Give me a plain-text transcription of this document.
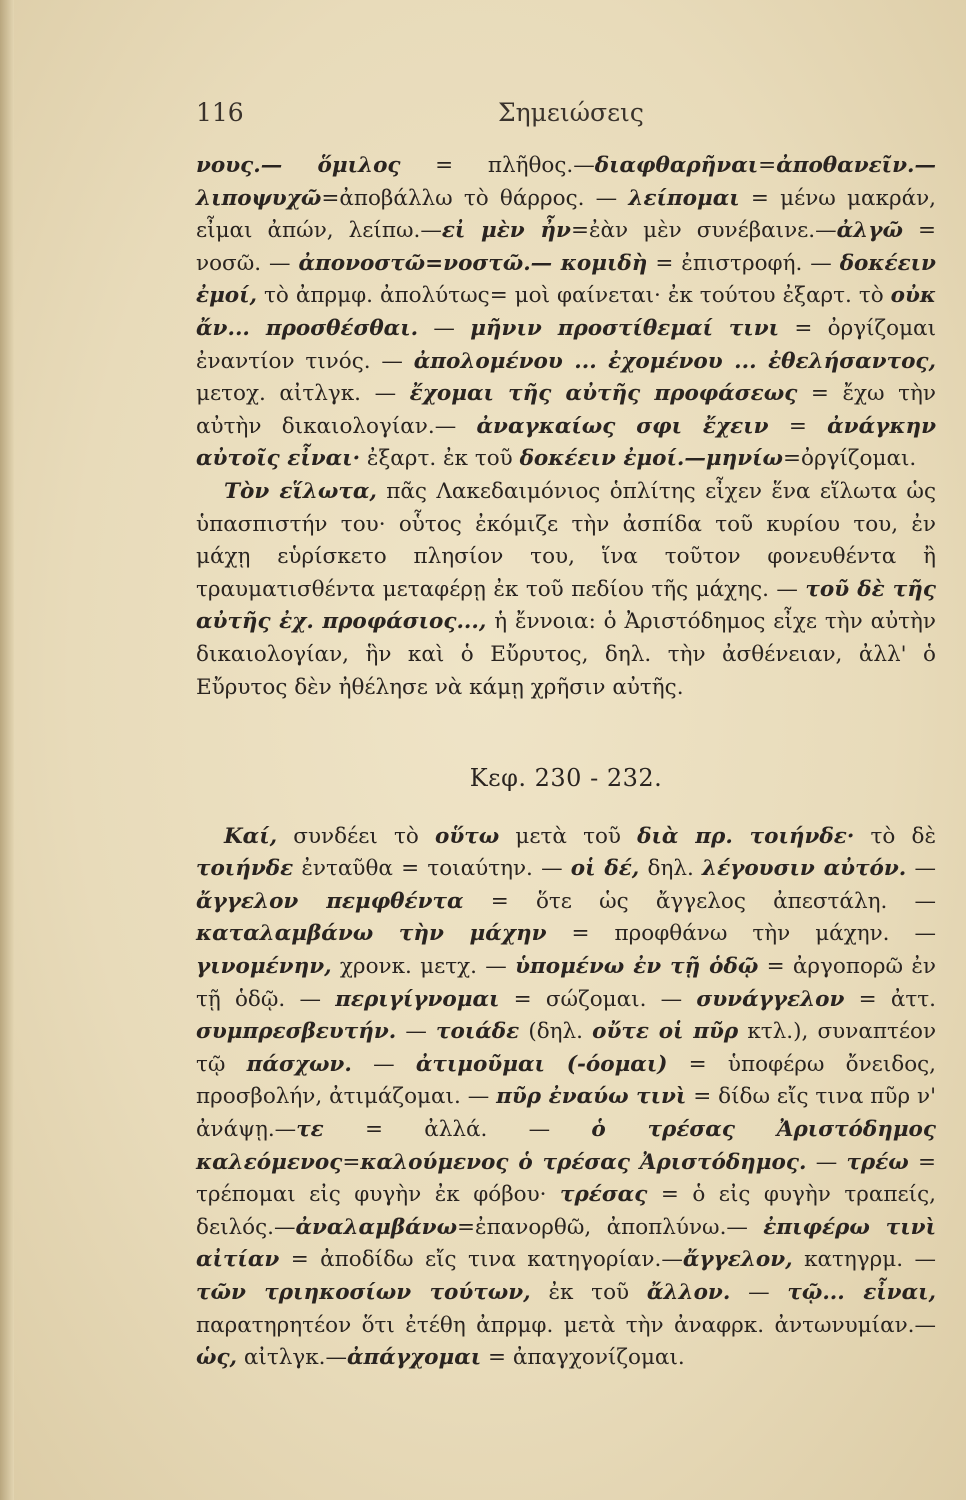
116	Σημειώσεις

νους.— ὅμιλος = πλῆθος.—διαφθαρῆναι=ἀποθανεῖν.— λιποψυχῶ=ἀποβάλλω τὸ θάρρος. — λείπομαι = μένω μακράν, εἶμαι ἀπών, λείπω.—εἰ μὲν ἦν=ἐὰν μὲν συνέβαινε.—ἀλγῶ = νοσῶ. — ἀπονοστῶ=νοστῶ.— κομιδὴ = ἐπιστροφή. — δοκέειν ἐμοί, τὸ ἀπρμφ. ἀπολύτως= μοὶ φαίνεται· ἐκ τούτου ἐξαρτ. τὸ οὐκ ἄν... προσθέσθαι. — μῆνιν προστίθεμαί τινι = ὀργίζομαι ἐναντίον τινός. — ἀπολομένου ... ἐχομένου ... ἐθελήσαντος, μετοχ. αἰτλγκ. — ἔχομαι τῆς αὐτῆς προφάσεως = ἔχω τὴν αὐτὴν δικαιολογίαν.— ἀναγκαίως σφι ἔχειν = ἀνάγκην αὐτοῖς εἶναι· ἐξαρτ. ἐκ τοῦ δοκέειν ἐμοί.—μηνίω=ὀργίζομαι.

Τὸν εἵλωτα, πᾶς Λακεδαιμόνιος ὁπλίτης εἶχεν ἕνα εἵλωτα ὡς ὑπασπιστήν του· οὗτος ἐκόμιζε τὴν ἀσπίδα τοῦ κυρίου του, ἐν μάχῃ εὑρίσκετο πλησίον του, ἵνα τοῦτον φονευθέντα ἢ τραυματισθέντα μεταφέρῃ ἐκ τοῦ πεδίου τῆς μάχης. — τοῦ δὲ τῆς αὐτῆς ἐχ. προφάσιος..., ἡ ἔννοια: ὁ Ἀριστόδημος εἶχε τὴν αὐτὴν δικαιολογίαν, ἣν καὶ ὁ Εὔρυτος, δηλ. τὴν ἀσθένειαν, ἀλλ' ὁ Εὔρυτος δὲν ἠθέλησε νὰ κάμῃ χρῆσιν αὐτῆς.

Κεφ. 230 - 232.

Καί, συνδέει τὸ οὕτω μετὰ τοῦ διὰ πρ. τοιήνδε· τὸ δὲ τοιήνδε ἐνταῦθα = τοιαύτην. — οἱ δέ, δηλ. λέγουσιν αὐτόν. — ἄγγελον πεμφθέντα = ὅτε ὡς ἄγγελος ἀπεστάλη. — καταλαμβάνω τὴν μάχην = προφθάνω τὴν μάχην. — γινομένην, χρονκ. μετχ. — ὑπομένω ἐν τῇ ὁδῷ = ἀργοπορῶ ἐν τῇ ὁδῷ. — περιγίγνομαι = σώζομαι. — συνάγγελον = ἀττ. συμπρεσβευτήν. — τοιάδε (δηλ. οὔτε οἱ πῦρ κτλ.), συναπτέον τῷ πάσχων. — ἀτιμοῦμαι (-όομαι) = ὑποφέρω ὄνειδος, προσβολήν, ἀτιμάζομαι. — πῦρ ἐναύω τινὶ = δίδω εἴς τινα πῦρ ν' ἀνάψῃ.—τε = ἀλλά. — ὁ τρέσας Ἀριστόδημος καλεόμενος=καλούμενος ὁ τρέσας Ἀριστόδημος. — τρέω = τρέπομαι εἰς φυγὴν ἐκ φόβου· τρέσας = ὁ εἰς φυγὴν τραπείς, δειλός.—ἀναλαμβάνω=ἐπανορθῶ, ἀποπλύνω.— ἐπιφέρω τινὶ αἰτίαν = ἀποδίδω εἴς τινα κατηγορίαν.—ἄγγελον, κατηγρμ. — τῶν τριηκοσίων τούτων, ἐκ τοῦ ἄλλον. — τῷ... εἶναι, παρατηρητέον ὅτι ἐτέθη ἀπρμφ. μετὰ τὴν ἀναφρκ. ἀντωνυμίαν.—ὡς, αἰτλγκ.—ἀπάγχομαι = ἀπαγχονίζομαι.
